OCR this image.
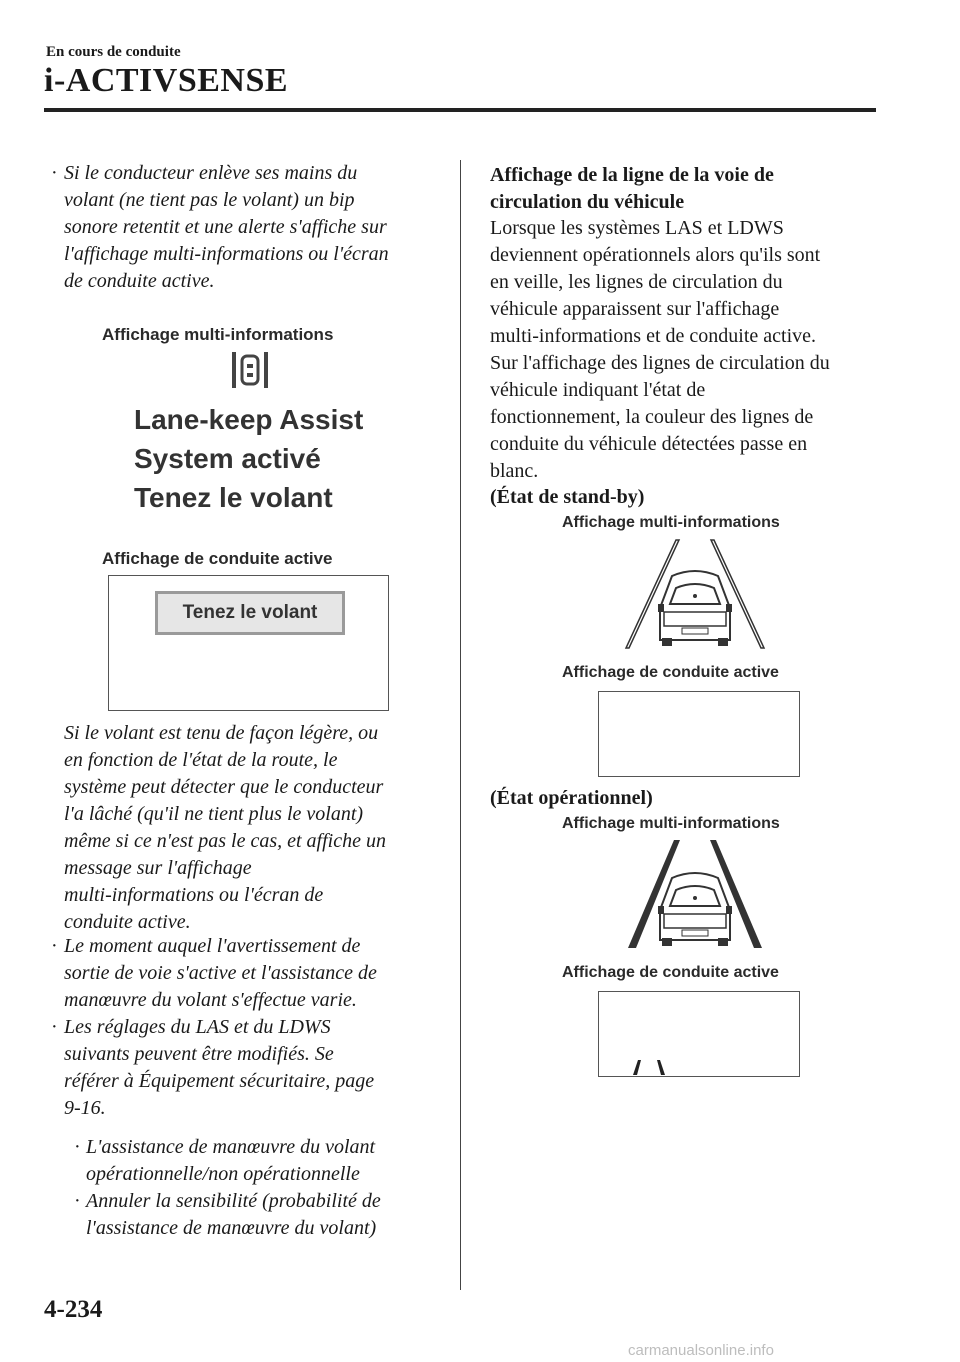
En cours de conduite
i-ACTIVSENSE
· Si le conducteur enlève ses mains du
volant (ne tient pas le volant) un bip
sonore retentit et une alerte s'affiche sur
l'affichage multi-informations ou l'écran
de conduite active.
Affichage multi-informations
Lane-keep Assist
System activé
Tenez le volant
Affichage de conduite active
Tenez le volant
Si le volant est tenu de façon légère, ou
en fonction de l'état de la route, le
système peut détecter que le conducteur
l'a lâché (qu'il ne tient plus le volant)
même si ce n'est pas le cas, et affiche un
message sur l'affichage
multi-informations ou l'écran de
conduite active.
· Le moment auquel l'avertissement de
sortie de voie s'active et l'assistance de
manœuvre du volant s'effectue varie.
· Les réglages du LAS et du LDWS
suivants peuvent être modifiés. Se
référer à Équipement sécuritaire, page
9-16.
· L'assistance de manœuvre du volant
opérationnelle/non opérationnelle
· Annuler la sensibilité (probabilité de
l'assistance de manœuvre du volant)
Affichage de la ligne de la voie de
circulation du véhicule
Lorsque les systèmes LAS et LDWS
deviennent opérationnels alors qu'ils sont
en veille, les lignes de circulation du
véhicule apparaissent sur l'affichage
multi-informations et de conduite active.
Sur l'affichage des lignes de circulation du
véhicule indiquant l'état de
fonctionnement, la couleur des lignes de
conduite du véhicule détectées passe en
blanc.
(État de stand-by)
Affichage multi-informations
Affichage de conduite active
(État opérationnel)
Affichage multi-informations
Affichage de conduite active
4-234
carmanualsonline.info
